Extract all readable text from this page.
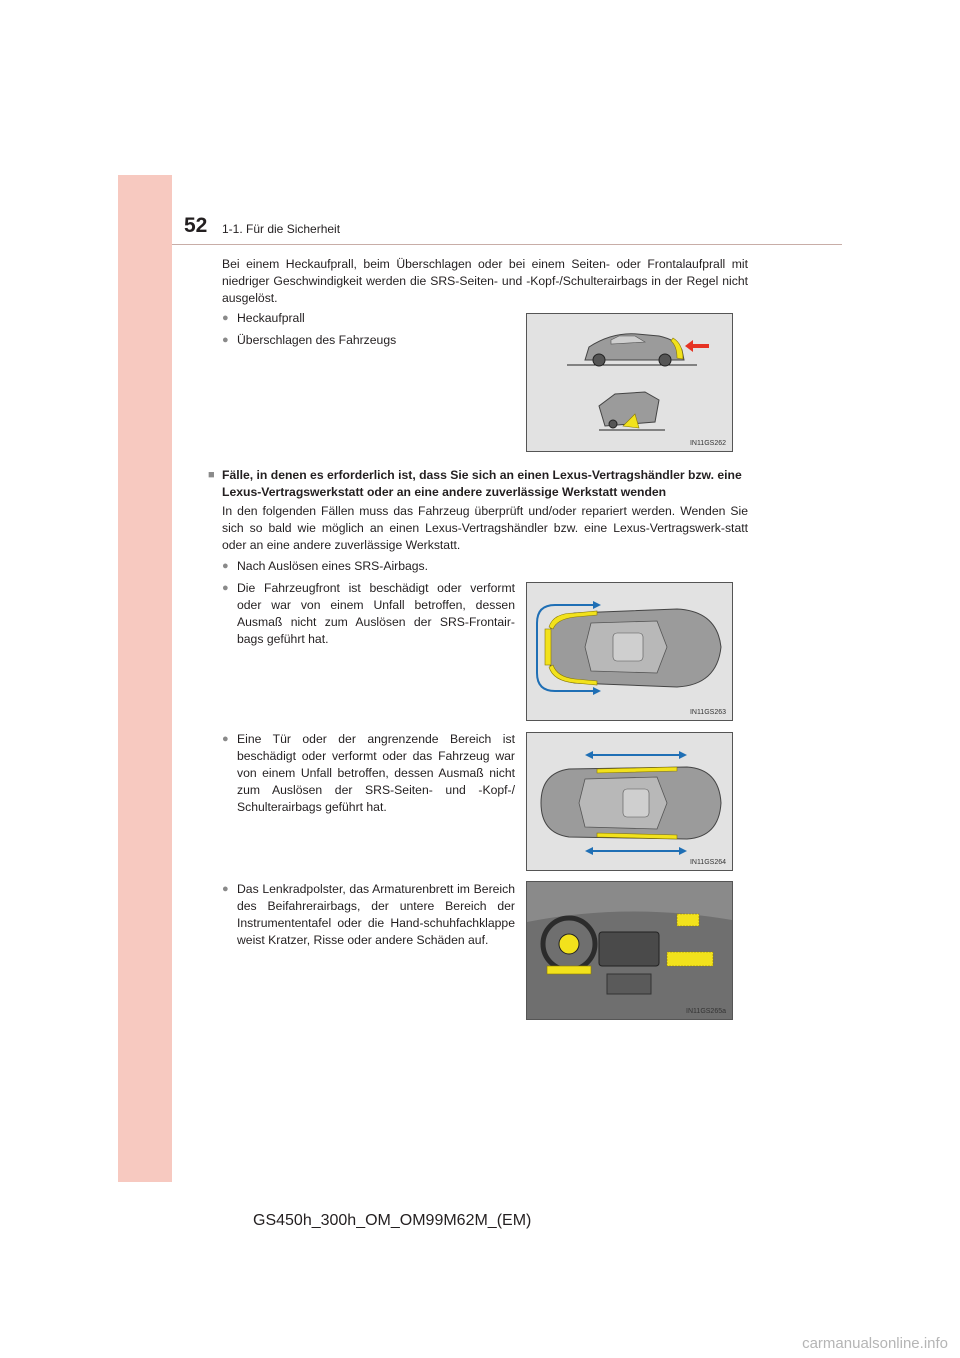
52 1-1. Für die Sicherheit
Bei einem Heckaufprall, beim Überschlagen oder bei einem Seiten- oder Frontalaufprall mit niedriger Geschwindigkeit werden die SRS-Seiten- und -Kopf-/Schulterairbags in der Regel nicht ausgelöst.
● Heckaufprall
● Überschlagen des Fahrzeugs
IN11GS262
■ Fälle, in denen es erforderlich ist, dass Sie sich an einen Lexus-Vertragshändler bzw. eine Lexus-Vertragswerkstatt oder an eine andere zuverlässige Werkstatt wenden
In den folgenden Fällen muss das Fahrzeug überprüft und/oder repariert werden. Wenden Sie sich so bald wie möglich an einen Lexus-Vertragshändler bzw. eine Lexus-Vertragswerk-statt oder an eine andere zuverlässige Werkstatt.
● Nach Auslösen eines SRS-Airbags.
● Die Fahrzeugfront ist beschädigt oder verformt oder war von einem Unfall betroffen, dessen Ausmaß nicht zum Auslösen der SRS-Frontair-bags geführt hat.
● Eine Tür oder der angrenzende Bereich ist beschädigt oder verformt oder das Fahrzeug war von einem Unfall betroffen, dessen Ausmaß nicht zum Auslösen der SRS-Seiten- und -Kopf-/ Schulterairbags geführt hat.
● Das Lenkradpolster, das Armaturenbrett im Bereich des Beifahrerairbags, der untere Bereich der Instrumententafel oder die Hand-schuhfachklappe weist Kratzer, Risse oder andere Schäden auf.
IN11GS263
IN11GS264
IN11GS265a
GS450h_300h_OM_OM99M62M_(EM)
carmanualsonline.info
